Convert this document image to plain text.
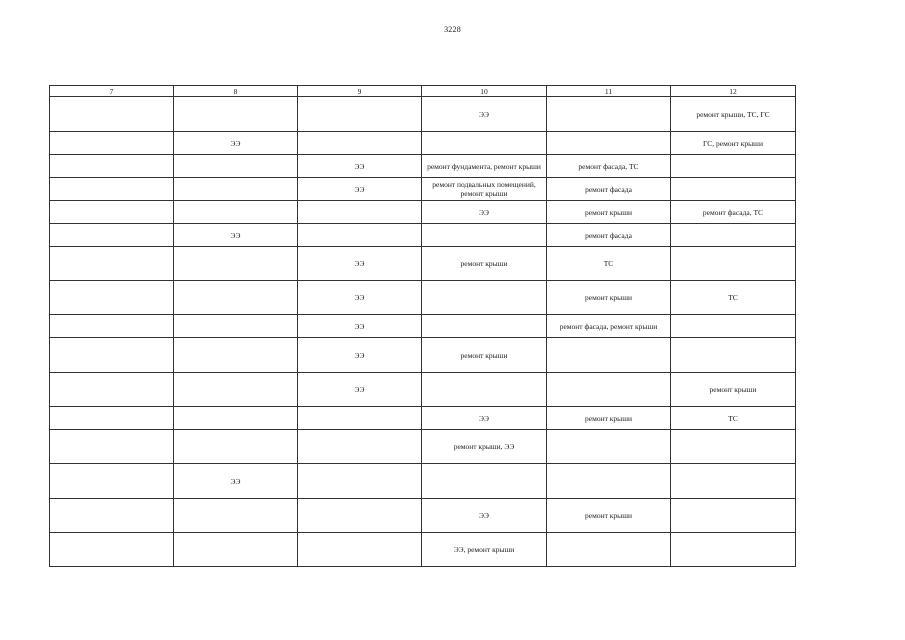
3228
7	8	9	10	11	12
			ЭЭ		ремонт крыши, ТС, ГС
	ЭЭ				ГС, ремонт крыши
		ЭЭ	ремонт фундамента, ремонт крыши	ремонт фасада, ТС	
		ЭЭ	ремонт подвальных помещений, ремонт крыши	ремонт фасада	
			ЭЭ	ремонт крыши	ремонт фасада, ТС
	ЭЭ			ремонт фасада	
		ЭЭ	ремонт крыши	ТС	
		ЭЭ		ремонт крыши	ТС
		ЭЭ		ремонт фасада, ремонт крыши	
		ЭЭ	ремонт крыши		
		ЭЭ			ремонт крыши
			ЭЭ	ремонт крыши	ТС
			ремонт крыши, ЭЭ		
	ЭЭ				
			ЭЭ	ремонт крыши	
			ЭЭ, ремонт крыши		
